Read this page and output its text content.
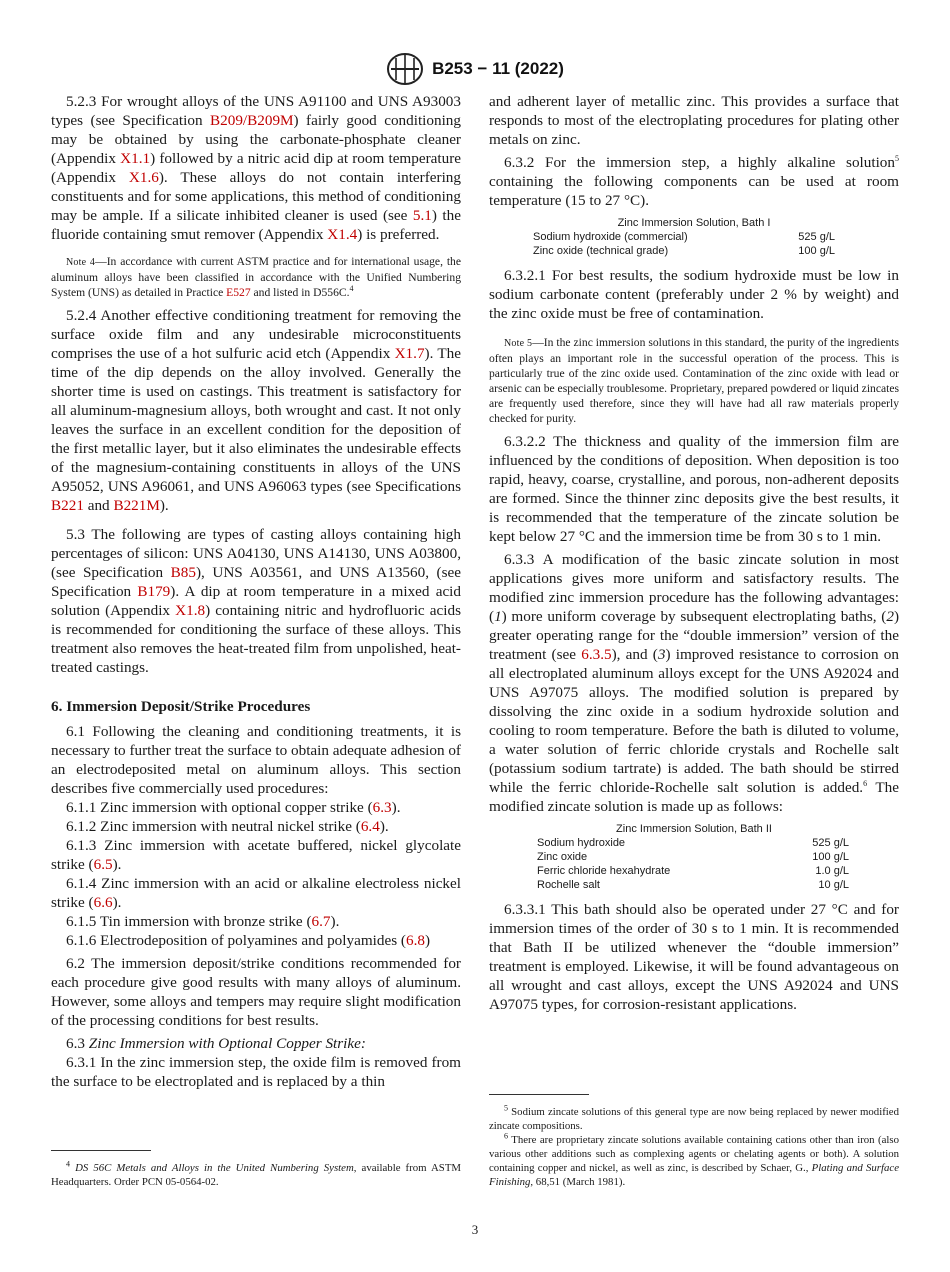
B253 − 11 (2022)

5.2.3 For wrought alloys of the UNS A91100 and UNS A93003 types (see Specification B209/B209M) fairly good conditioning may be obtained by using the carbonate-phosphate cleaner (Appendix X1.1) followed by a nitric acid dip at room temperature (Appendix X1.6). These alloys do not contain interfering constituents and for some applications, this method of conditioning may be ample. If a silicate inhibited cleaner is used (see 5.1) the fluoride containing smut remover (Appendix X1.4) is preferred.

Note 4—In accordance with current ASTM practice and for international usage, the aluminum alloys have been classified in accordance with the Unified Numbering System (UNS) as detailed in Practice E527 and listed in D556C.$^4$

5.2.4 Another effective conditioning treatment for removing the surface oxide film and any undesirable microconstituents comprises the use of a hot sulfuric acid etch (Appendix X1.7). The time of the dip depends on the alloy involved. Generally the shorter time is used on castings. This treatment is satisfactory for all aluminum-magnesium alloys, both wrought and cast. It not only leaves the surface in an excellent condition for the deposition of the first metallic layer, but it also eliminates the undesirable effects of the magnesium-containing constituents in alloys of the UNS A95052, UNS A96061, and UNS A96063 types (see Specifications B221 and B221M).

5.3 The following are types of casting alloys containing high percentages of silicon: UNS A04130, UNS A14130, UNS A03800, (see Specification B85), UNS A03561, and UNS A13560, (see Specification B179). A dip at room temperature in a mixed acid solution (Appendix X1.8) containing nitric and hydrofluoric acids is recommended for conditioning the surface of these alloys. This treatment also removes the heat-treated film from unpolished, heat-treated castings.

6. Immersion Deposit/Strike Procedures

6.1 Following the cleaning and conditioning treatments, it is necessary to further treat the surface to obtain adequate adhesion of an electrodeposited metal on aluminum alloys. This section describes five commercially used procedures:

6.1.1 Zinc immersion with optional copper strike (6.3).

6.1.2 Zinc immersion with neutral nickel strike (6.4).

6.1.3 Zinc immersion with acetate buffered, nickel glycolate strike (6.5).

6.1.4 Zinc immersion with an acid or alkaline electroless nickel strike (6.6).

6.1.5 Tin immersion with bronze strike (6.7).

6.1.6 Electrodeposition of polyamines and polyamides (6.8)

6.2 The immersion deposit/strike conditions recommended for each procedure give good results with many alloys of aluminum. However, some alloys and tempers may require slight modification of the processing conditions for best results.

6.3 Zinc Immersion with Optional Copper Strike:

6.3.1 In the zinc immersion step, the oxide film is removed from the surface to be electroplated and is replaced by a thin

$^4$ DS 56C Metals and Alloys in the United Numbering System, available from ASTM Headquarters. Order PCN 05-0564-02.

and adherent layer of metallic zinc. This provides a surface that responds to most of the electroplating procedures for plating other metals on zinc.

6.3.2 For the immersion step, a highly alkaline solution$^5$ containing the following components can be used at room temperature (15 to 27 °C).

Zinc Immersion Solution, Bath I
Sodium hydroxide (commercial)	525 g/L
Zinc oxide (technical grade)	100 g/L

6.3.2.1 For best results, the sodium hydroxide must be low in sodium carbonate content (preferably under 2 % by weight) and the zinc oxide must be free of contamination.

Note 5—In the zinc immersion solutions in this standard, the purity of the ingredients often plays an important role in the successful operation of the process. This is particularly true of the zinc oxide used. Contamination of the zinc oxide with lead or arsenic can be especially troublesome. Proprietary, prepared powdered or liquid zincates are frequently used therefore, since they will have had all raw materials properly checked for purity.

6.3.2.2 The thickness and quality of the immersion film are influenced by the conditions of deposition. When deposition is too rapid, heavy, coarse, crystalline, and porous, non-adherent deposits are formed. Since the thinner zinc deposits give the best results, it is recommended that the temperature of the zincate solution be kept below 27 °C and the immersion time be from 30 s to 1 min.

6.3.3 A modification of the basic zincate solution in most applications gives more uniform and satisfactory results. The modified zinc immersion procedure has the following advantages: (1) more uniform coverage by subsequent electroplating baths, (2) greater operating range for the “double immersion” version of the treatment (see 6.3.5), and (3) improved resistance to corrosion on all electroplated aluminum alloys except for the UNS A92024 and UNS A97075 alloys. The modified solution is prepared by dissolving the zinc oxide in a sodium hydroxide solution and cooling to room temperature. Before the bath is diluted to volume, a water solution of ferric chloride crystals and Rochelle salt (potassium sodium tartrate) is added. The bath should be stirred while the ferric chloride-Rochelle salt solution is added.$^6$ The modified zincate solution is made up as follows:

Zinc Immersion Solution, Bath II
Sodium hydroxide	525 g/L
Zinc oxide	100 g/L
Ferric chloride hexahydrate	1.0 g/L
Rochelle salt	10 g/L

6.3.3.1 This bath should also be operated under 27 °C and for immersion times of the order of 30 s to 1 min. It is recommended that Bath II be utilized whenever the “double immersion” treatment is employed. Likewise, it will be found advantageous on all wrought and cast alloys, except the UNS A92024 and UNS A97075 types, for corrosion-resistant applications.

$^5$ Sodium zincate solutions of this general type are now being replaced by newer modified zincate compositions.

$^6$ There are proprietary zincate solutions available containing cations other than iron (also various other additions such as complexing agents or chelating agents or both). A solution containing copper and nickel, as well as zinc, is described by Schaer, G., Plating and Surface Finishing, 68,51 (March 1981).

3
